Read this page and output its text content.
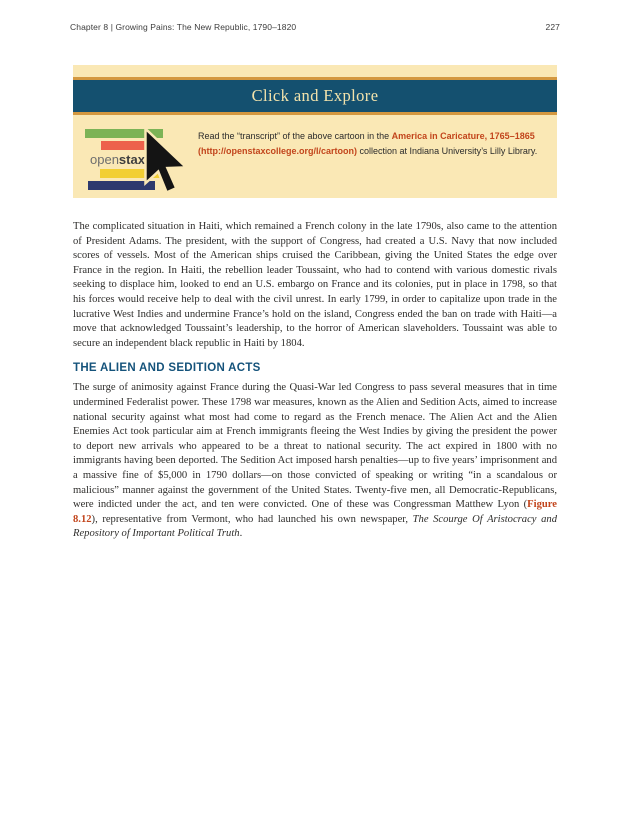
Chapter 8 | Growing Pains: The New Republic, 1790–1820	227
Click and Explore
openstax

Read the “transcript” of the above cartoon in the America in Caricature, 1765–1865 (http://openstaxcollege.org/l/cartoon) collection at Indiana University’s Lilly Library.

The complicated situation in Haiti, which remained a French colony in the late 1790s, also came to the attention of President Adams. The president, with the support of Congress, had created a U.S. Navy that now included scores of vessels. Most of the American ships cruised the Caribbean, giving the United States the edge over France in the region. In Haiti, the rebellion leader Toussaint, who had to contend with various domestic rivals seeking to displace him, looked to end an U.S. embargo on France and its colonies, put in place in 1798, so that his forces would receive help to deal with the civil unrest. In early 1799, in order to capitalize upon trade in the lucrative West Indies and undermine France’s hold on the island, Congress ended the ban on trade with Haiti—a move that acknowledged Toussaint’s leadership, to the horror of American slaveholders. Toussaint was able to secure an independent black republic in Haiti by 1804.

THE ALIEN AND SEDITION ACTS

The surge of animosity against France during the Quasi-War led Congress to pass several measures that in time undermined Federalist power. These 1798 war measures, known as the Alien and Sedition Acts, aimed to increase national security against what most had come to regard as the French menace. The Alien Act and the Alien Enemies Act took particular aim at French immigrants fleeing the West Indies by giving the president the power to deport new arrivals who appeared to be a threat to national security. The act expired in 1800 with no immigrants having been deported. The Sedition Act imposed harsh penalties—up to five years’ imprisonment and a massive fine of $5,000 in 1790 dollars—on those convicted of speaking or writing “in a scandalous or malicious” manner against the government of the United States. Twenty-five men, all Democratic-Republicans, were indicted under the act, and ten were convicted. One of these was Congressman Matthew Lyon (Figure 8.12), representative from Vermont, who had launched his own newspaper, The Scourge Of Aristocracy and Repository of Important Political Truth.
